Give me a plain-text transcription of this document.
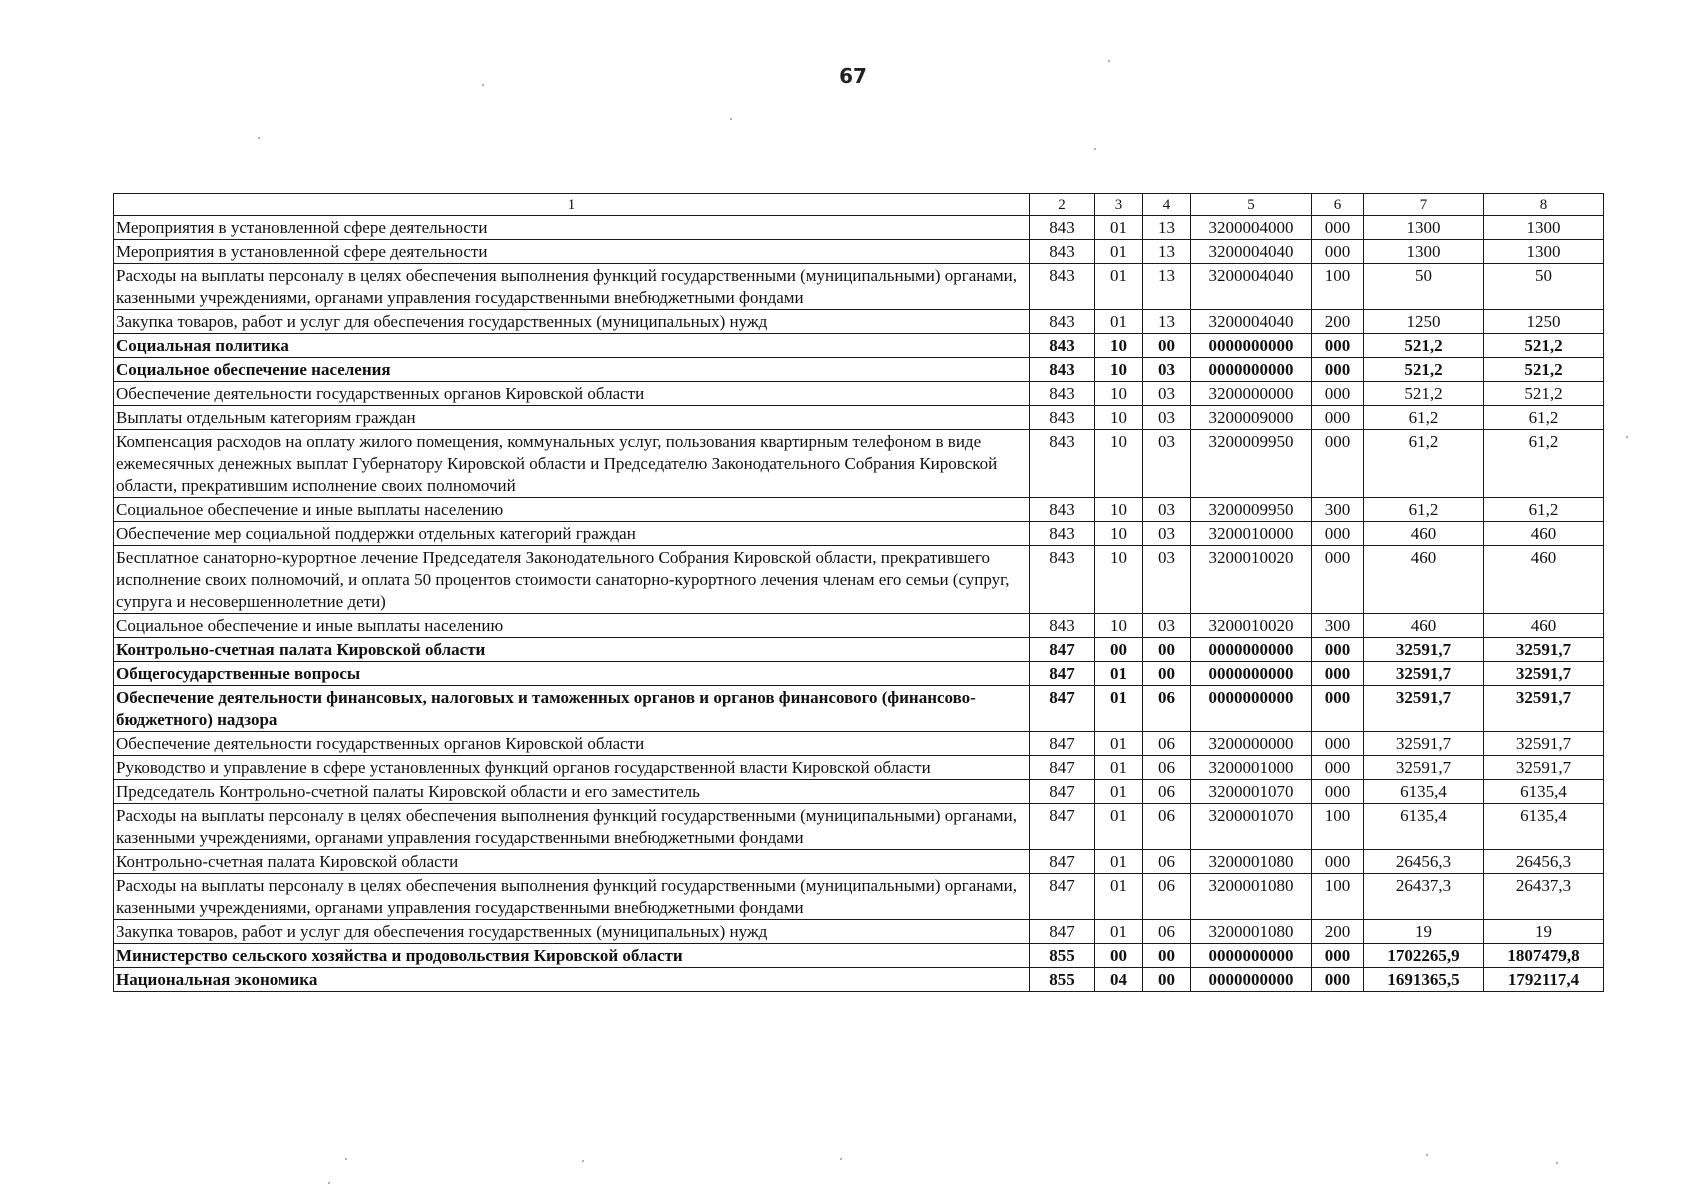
67
1	2	3	4	5	6	7	8
Мероприятия в установленной сфере деятельности	843	01	13	3200004000	000	1300	1300
Мероприятия в установленной сфере деятельности	843	01	13	3200004040	000	1300	1300
Расходы на выплаты персоналу в целях обеспечения выполнения функций государственными (муниципальными) органами, казенными учреждениями, органами управления государственными внебюджетными фондами	843	01	13	3200004040	100	50	50
Закупка товаров, работ и услуг для обеспечения государственных (муниципальных) нужд	843	01	13	3200004040	200	1250	1250
Социальная политика	843	10	00	0000000000	000	521,2	521,2
Социальное обеспечение населения	843	10	03	0000000000	000	521,2	521,2
Обеспечение деятельности государственных органов Кировской области	843	10	03	3200000000	000	521,2	521,2
Выплаты отдельным категориям граждан	843	10	03	3200009000	000	61,2	61,2
Компенсация расходов на оплату жилого помещения, коммунальных услуг, пользования квартирным телефоном в виде ежемесячных денежных выплат Губернатору Кировской области и Председателю Законодательного Собрания Кировской области, прекратившим исполнение своих полномочий	843	10	03	3200009950	000	61,2	61,2
Социальное обеспечение и иные выплаты населению	843	10	03	3200009950	300	61,2	61,2
Обеспечение мер социальной поддержки отдельных категорий граждан	843	10	03	3200010000	000	460	460
Бесплатное санаторно-курортное лечение Председателя Законодательного Собрания Кировской области, прекратившего исполнение своих полномочий, и оплата 50 процентов стоимости санаторно-курортного лечения членам его семьи (супруг, супруга и несовершеннолетние дети)	843	10	03	3200010020	000	460	460
Социальное обеспечение и иные выплаты населению	843	10	03	3200010020	300	460	460
Контрольно-счетная палата Кировской области	847	00	00	0000000000	000	32591,7	32591,7
Общегосударственные вопросы	847	01	00	0000000000	000	32591,7	32591,7
Обеспечение деятельности финансовых, налоговых и таможенных органов и органов финансового (финансово-бюджетного) надзора	847	01	06	0000000000	000	32591,7	32591,7
Обеспечение деятельности государственных органов Кировской области	847	01	06	3200000000	000	32591,7	32591,7
Руководство и управление в сфере установленных функций органов государственной власти Кировской области	847	01	06	3200001000	000	32591,7	32591,7
Председатель Контрольно-счетной палаты Кировской области и его заместитель	847	01	06	3200001070	000	6135,4	6135,4
Расходы на выплаты персоналу в целях обеспечения выполнения функций государственными (муниципальными) органами, казенными учреждениями, органами управления государственными внебюджетными фондами	847	01	06	3200001070	100	6135,4	6135,4
Контрольно-счетная палата Кировской области	847	01	06	3200001080	000	26456,3	26456,3
Расходы на выплаты персоналу в целях обеспечения выполнения функций государственными (муниципальными) органами, казенными учреждениями, органами управления государственными внебюджетными фондами	847	01	06	3200001080	100	26437,3	26437,3
Закупка товаров, работ и услуг для обеспечения государственных (муниципальных) нужд	847	01	06	3200001080	200	19	19
Министерство сельского хозяйства и продовольствия Кировской области	855	00	00	0000000000	000	1702265,9	1807479,8
Национальная экономика	855	04	00	0000000000	000	1691365,5	1792117,4
